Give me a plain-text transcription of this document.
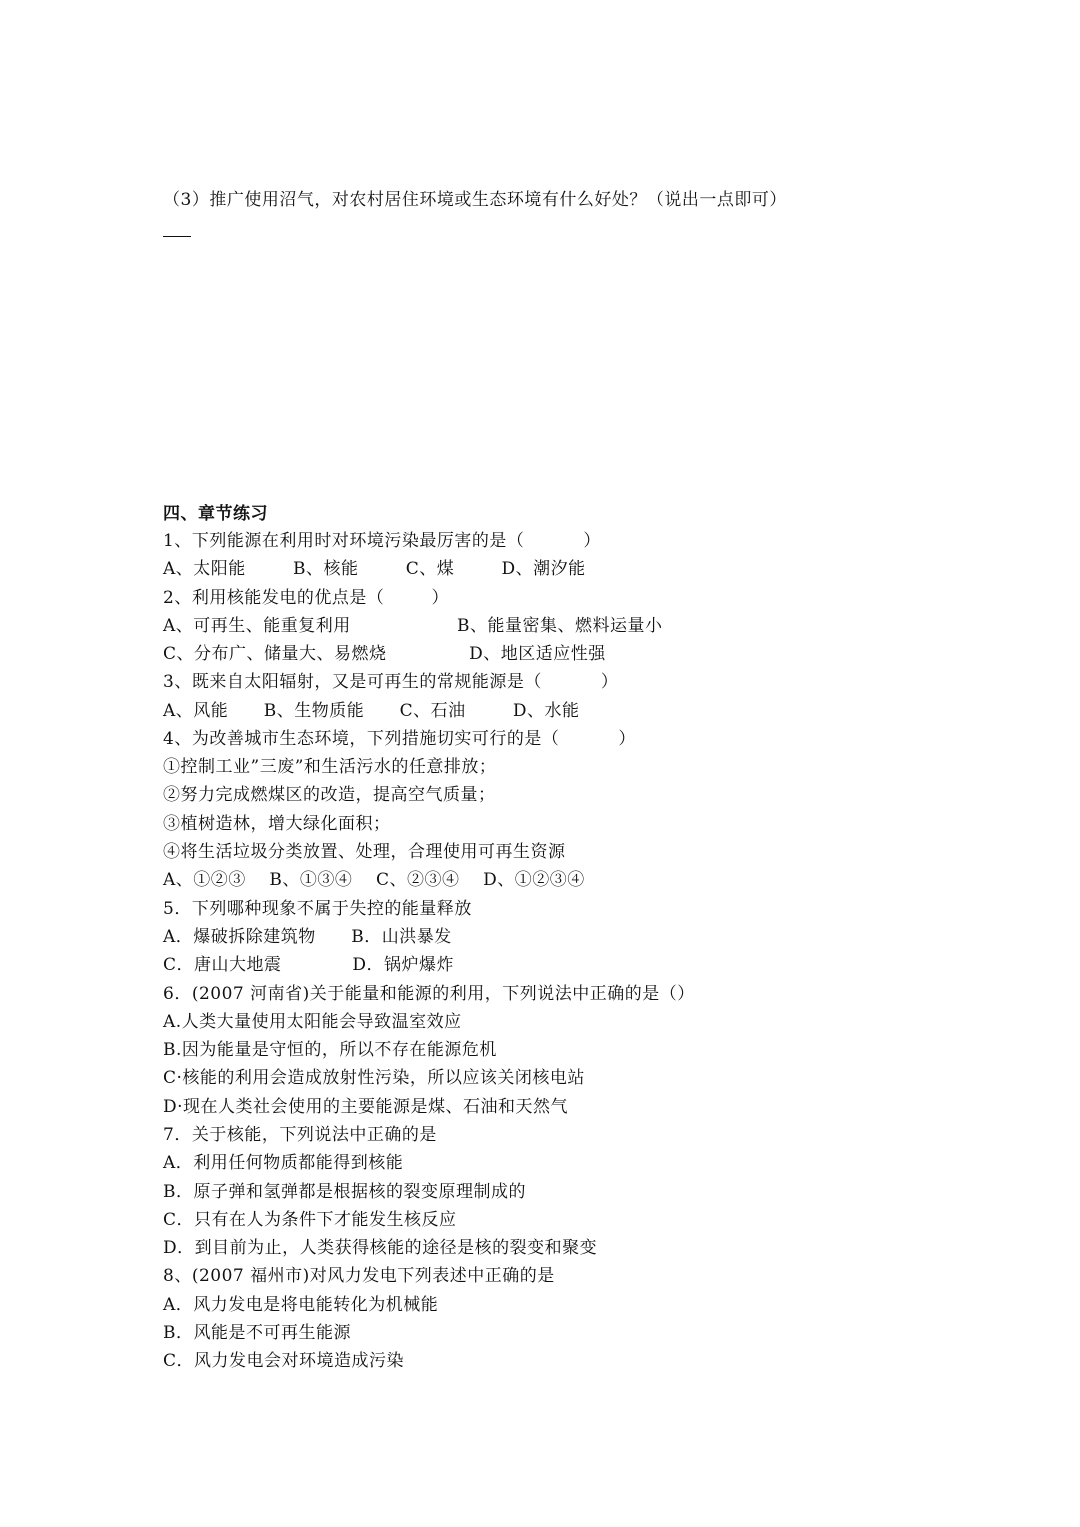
（3）推广使用沼气，对农村居住环境或生态环境有什么好处？（说出一点即可）
四、章节练习
1、下列能源在利用时对环境污染最厉害的是（          ）
A、太阳能        B、核能        C、煤        D、潮汐能
2、利用核能发电的优点是（        ）
A、可再生、能重复利用                  B、能量密集、燃料运量小
C、分布广、储量大、易燃烧              D、地区适应性强
3、既来自太阳辐射，又是可再生的常规能源是（          ）
A、风能      B、生物质能      C、石油        D、水能
4、为改善城市生态环境，下列措施切实可行的是（          ）
①控制工业”三废”和生活污水的任意排放；
②努力完成燃煤区的改造，提高空气质量；
③植树造林，增大绿化面积；
④将生活垃圾分类放置、处理，合理使用可再生资源
A、①②③    B、①③④    C、②③④    D、①②③④
5．下列哪种现象不属于失控的能量释放
A．爆破拆除建筑物      B．山洪暴发
C．唐山大地震            D．锅炉爆炸
6．(2007 河南省)关于能量和能源的利用，下列说法中正确的是（）
A.人类大量使用太阳能会导致温室效应
B.因为能量是守恒的，所以不存在能源危机
C·核能的利用会造成放射性污染，所以应该关闭核电站
D·现在人类社会使用的主要能源是煤、石油和天然气
7．关于核能，下列说法中正确的是
A．利用任何物质都能得到核能
B．原子弹和氢弹都是根据核的裂变原理制成的
C．只有在人为条件下才能发生核反应
D．到目前为止，人类获得核能的途径是核的裂变和聚变
8、(2007 福州市)对风力发电下列表述中正确的是
A．风力发电是将电能转化为机械能
B．风能是不可再生能源
C．风力发电会对环境造成污染
